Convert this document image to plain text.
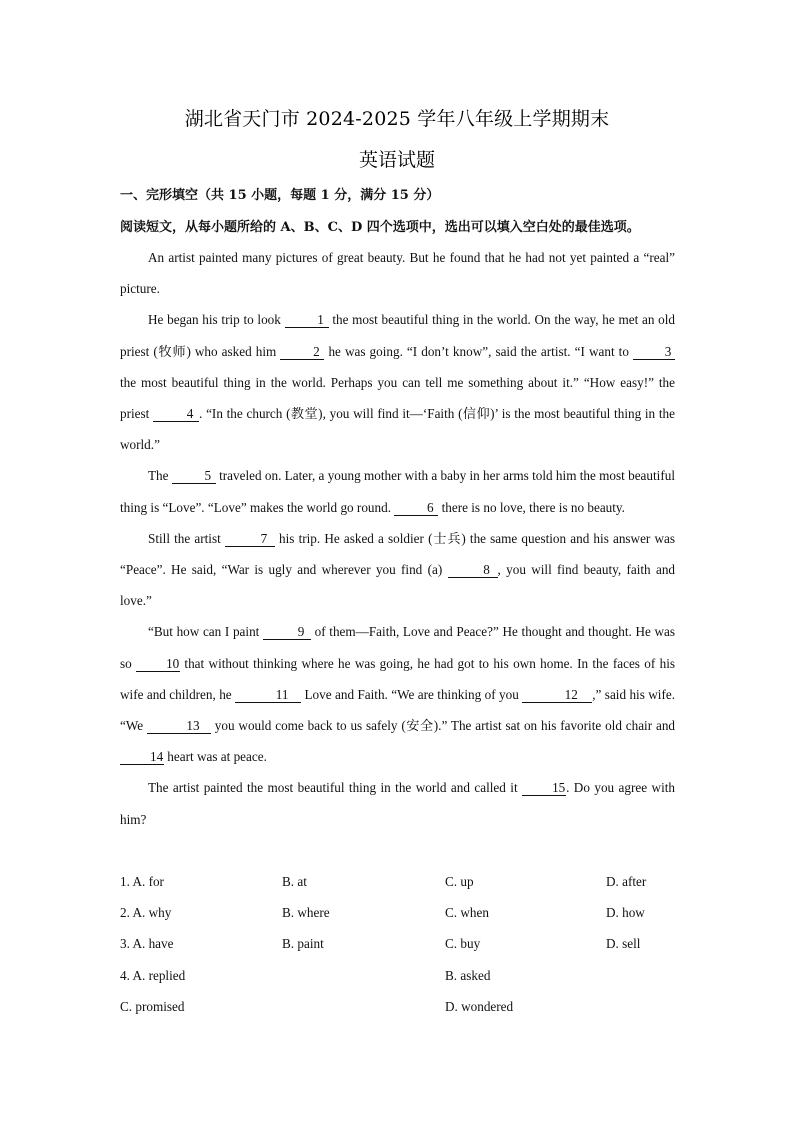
湖北省天门市 2024-2025 学年八年级上学期期末
英语试题
一、完形填空（共 15 小题，每题 1 分，满分 15 分）
阅读短文，从每小题所给的 A、B、C、D 四个选项中，选出可以填入空白处的最佳选项。

An artist painted many pictures of great beauty. But he found that he had not yet painted a “real” picture.

He began his trip to look 1 the most beautiful thing in the world. On the way, he met an old priest (牧师) who asked him 2 he was going. “I don’t know”, said the artist. “I want to 3 the most beautiful thing in the world. Perhaps you can tell me something about it.” “How easy!” the priest	4 . “In the church (教堂), you will find it—‘Faith (信仰)’ is the most beautiful thing in the world.”

The 5 traveled on. Later, a young mother with a baby in her arms told him the most beautiful thing is “Love”. “Love” makes the world go round. 6 there is no love, there is no beauty.

Still the artist	7 his trip. He asked a soldier (士兵) the same question and his answer was “Peace”. He said, “War is ugly and wherever you find (a)	8 , you will find beauty, faith and love.”

“But how can I paint	9 of them—Faith, Love and Peace?” He thought and thought. He was so 10 that without thinking where he was going, he had got to his own home. In the faces of his wife and children, he	11 Love and Faith. “We are thinking of you	12 ,” said his wife. “We	13 you would come back to us safely (安全).” The artist sat on his favorite old chair and 14 heart was at peace.

The artist painted the most beautiful thing in the world and called it 15. Do you agree with him?

1. A. for	B. at	C. up	D. after
2. A. why	B. where	C. when	D. how
3. A. have	B. paint	C. buy	D. sell
4. A. replied	B. asked
C. promised	D. wondered
